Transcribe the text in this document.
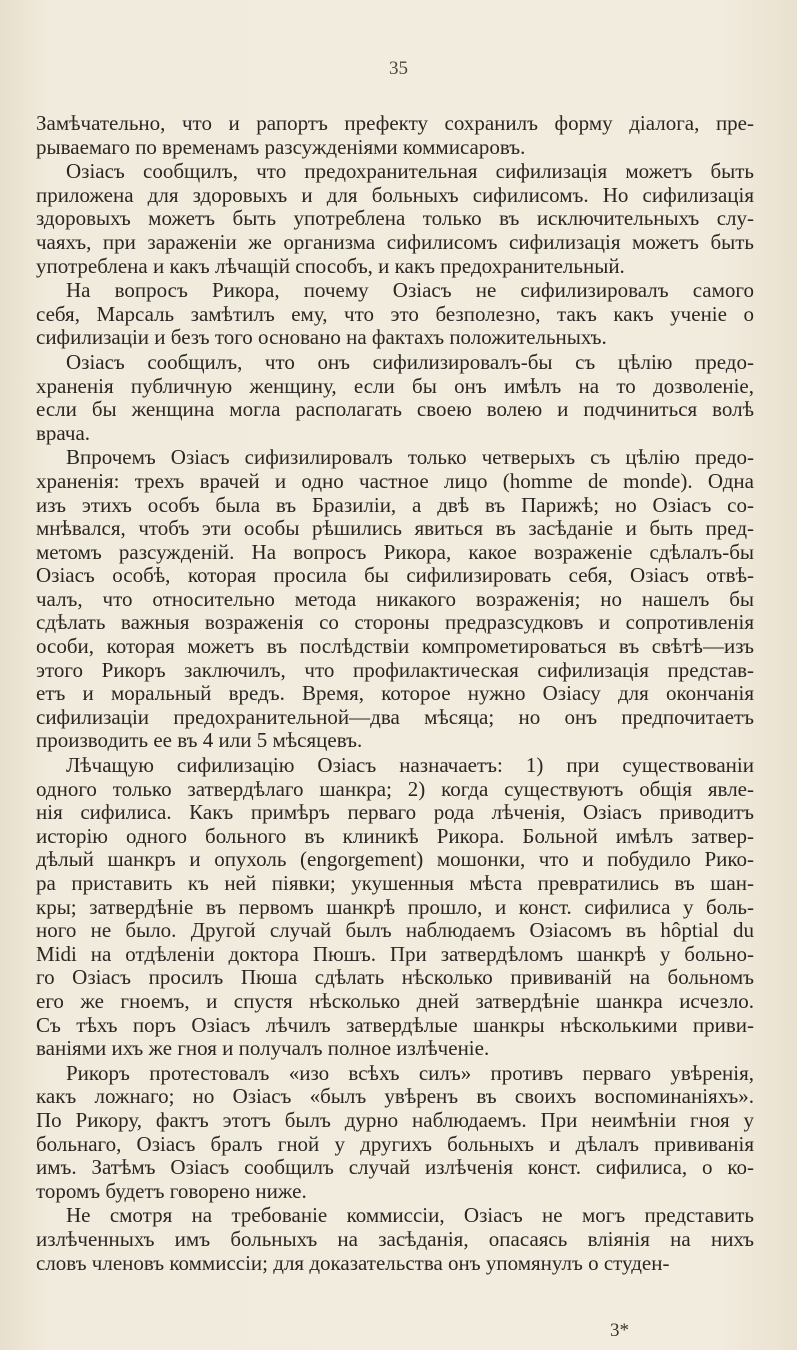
35

Замѣчательно, что и рапортъ префекту сохранилъ форму діалога, пре-
рываемаго по временамъ разсужденіями коммисаровъ.

Озіасъ сообщилъ, что предохранительная сифилизація можетъ быть
приложена для здоровыхъ и для больныхъ сифилисомъ. Но сифилизація
здоровыхъ можетъ быть употреблена только въ исключительныхъ слу-
чаяхъ, при зараженіи же организма сифилисомъ сифилизація можетъ быть
употреблена и какъ лѣчащій способъ, и какъ предохранительный.

На вопросъ Рикора, почему Озіасъ не сифилизировалъ самого
себя, Марсаль замѣтилъ ему, что это безполезно, такъ какъ ученіе о
сифилизаціи и безъ того основано на фактахъ положительныхъ.

Озіасъ сообщилъ, что онъ сифилизировалъ-бы съ цѣлію предо-
храненія публичную женщину, если бы онъ имѣлъ на то дозволеніе,
если бы женщина могла располагать своею волею и подчиниться волѣ
врача.

Впрочемъ Озіасъ сифизилировалъ только четверыхъ съ цѣлію предо-
храненія: трехъ врачей и одно частное лицо (homme de monde). Одна
изъ этихъ особъ была въ Бразиліи, а двѣ въ Парижѣ; но Озіасъ со-
мнѣвался, чтобъ эти особы рѣшились явиться въ засѣданіе и быть пред-
метомъ разсужденій. На вопросъ Рикора, какое возраженіе сдѣлалъ-бы
Озіасъ особѣ, которая просила бы сифилизировать себя, Озіасъ отвѣ-
чалъ, что относительно метода никакого возраженія; но нашелъ бы
сдѣлать важныя возраженія со стороны предразсудковъ и сопротивленія
особи, которая можетъ въ послѣдствіи компрометироваться въ свѣтѣ—изъ
этого Рикоръ заключилъ, что профилактическая сифилизація представ-
етъ и моральный вредъ. Время, которое нужно Озіасу для окончанія
сифилизаціи предохранительной—два мѣсяца; но онъ предпочитаетъ
производить ее въ 4 или 5 мѣсяцевъ.

Лѣчащую сифилизацію Озіасъ назначаетъ: 1) при существованіи
одного только затвердѣлаго шанкра; 2) когда существуютъ общія явле-
нія сифилиса. Какъ примѣръ перваго рода лѣченія, Озіасъ приводитъ
исторію одного больного въ клиникѣ Рикора. Больной имѣлъ затвер-
дѣлый шанкръ и опухоль (engorgement) мошонки, что и побудило Рико-
ра приставить къ ней піявки; укушенныя мѣста превратились въ шан-
кры; затвердѣніе въ первомъ шанкрѣ прошло, и конст. сифилиса у боль-
ного не было. Другой случай былъ наблюдаемъ Озіасомъ въ hôptial du
Midi на отдѣленіи доктора Пюшъ. При затвердѣломъ шанкрѣ у больно-
го Озіасъ просилъ Пюша сдѣлать нѣсколько прививаній на больномъ
его же гноемъ, и спустя нѣсколько дней затвердѣніе шанкра исчезло.
Съ тѣхъ поръ Озіасъ лѣчилъ затвердѣлые шанкры нѣсколькими приви-
ваніями ихъ же гноя и получалъ полное излѣченіе.

Рикоръ протестовалъ «изо всѣхъ силъ» противъ перваго увѣренія,
какъ ложнаго; но Озіасъ «былъ увѣренъ въ своихъ воспоминаніяхъ».
По Рикору, фактъ этотъ былъ дурно наблюдаемъ. При неимѣніи гноя у
больнаго, Озіасъ бралъ гной у другихъ больныхъ и дѣлалъ прививанія
имъ. Затѣмъ Озіасъ сообщилъ случай излѣченія конст. сифилиса, о ко-
торомъ будетъ говорено ниже.

Не смотря на требованіе коммиссіи, Озіасъ не могъ представить
излѣченныхъ имъ больныхъ на засѣданія, опасаясь вліянія на нихъ
словъ членовъ коммиссіи; для доказательства онъ упомянулъ о студен-

3*
